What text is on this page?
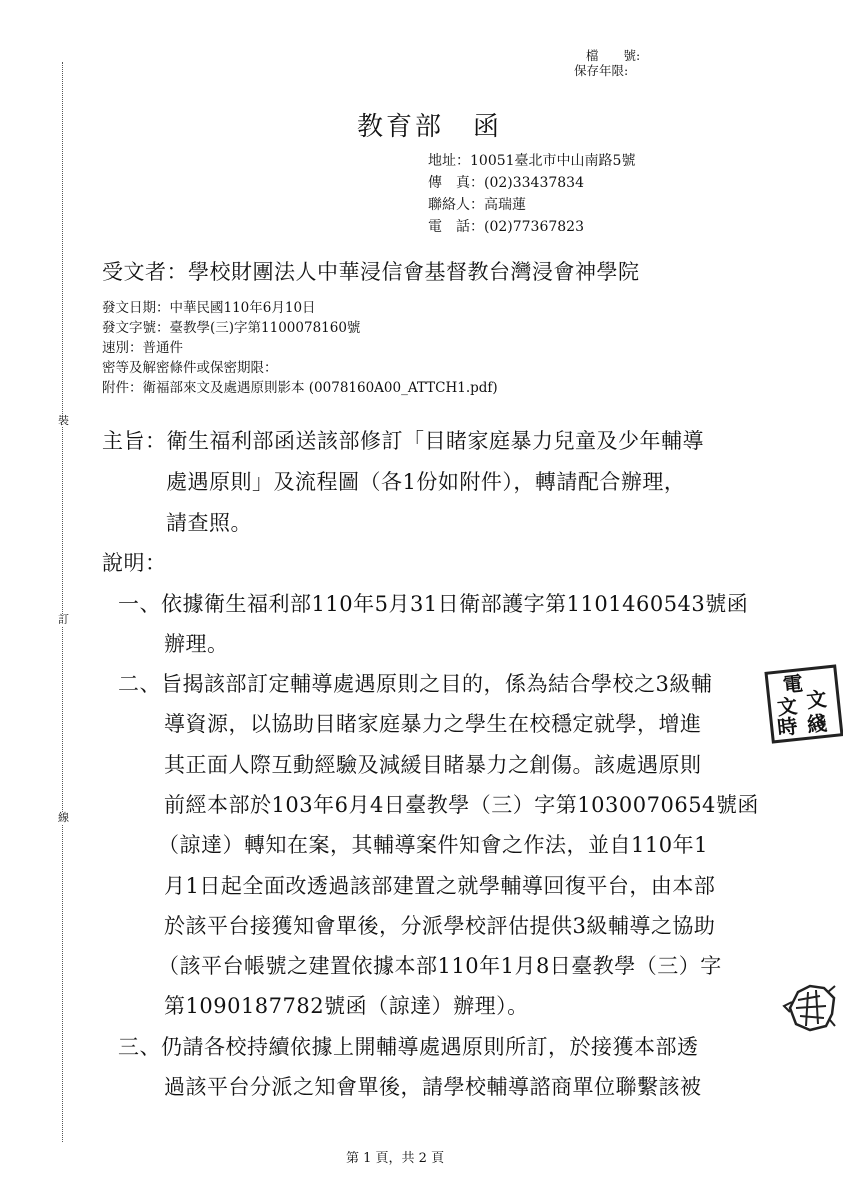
裝
訂
線
檔　　號:
保存年限:
教育部　函
地址：10051臺北市中山南路5號
傳　真：(02)33437834
聯絡人：高瑞蓮
電　話：(02)77367823
受文者：學校財團法人中華浸信會基督教台灣浸會神學院
發文日期：中華民國110年6月10日
發文字號：臺教學(三)字第1100078160號
速別：普通件
密等及解密條件或保密期限：
附件：衛福部來文及處遇原則影本 (0078160A00_ATTCH1.pdf)
主旨：衛生福利部函送該部修訂「目睹家庭暴力兒童及少年輔導
處遇原則」及流程圖（各1份如附件），轉請配合辦理，
請查照。
說明：
一、依據衛生福利部110年5月31日衛部護字第1101460543號函
辦理。
二、旨揭該部訂定輔導處遇原則之目的，係為結合學校之3級輔
導資源，以協助目睹家庭暴力之學生在校穩定就學，增進
其正面人際互動經驗及減緩目睹暴力之創傷。該處遇原則
前經本部於103年6月4日臺教學（三）字第1030070654號函
（諒達）轉知在案，其輔導案件知會之作法，並自110年1
月1日起全面改透過該部建置之就學輔導回復平台，由本部
於該平台接獲知會單後，分派學校評估提供3級輔導之協助
（該平台帳號之建置依據本部110年1月8日臺教學（三）字
第1090187782號函（諒達）辦理）。
三、仍請各校持續依據上開輔導處遇原則所訂，於接獲本部透
過該平台分派之知會單後，請學校輔導諮商單位聯繫該被
電
文
文
時 綫
第 1 頁，共 2 頁
